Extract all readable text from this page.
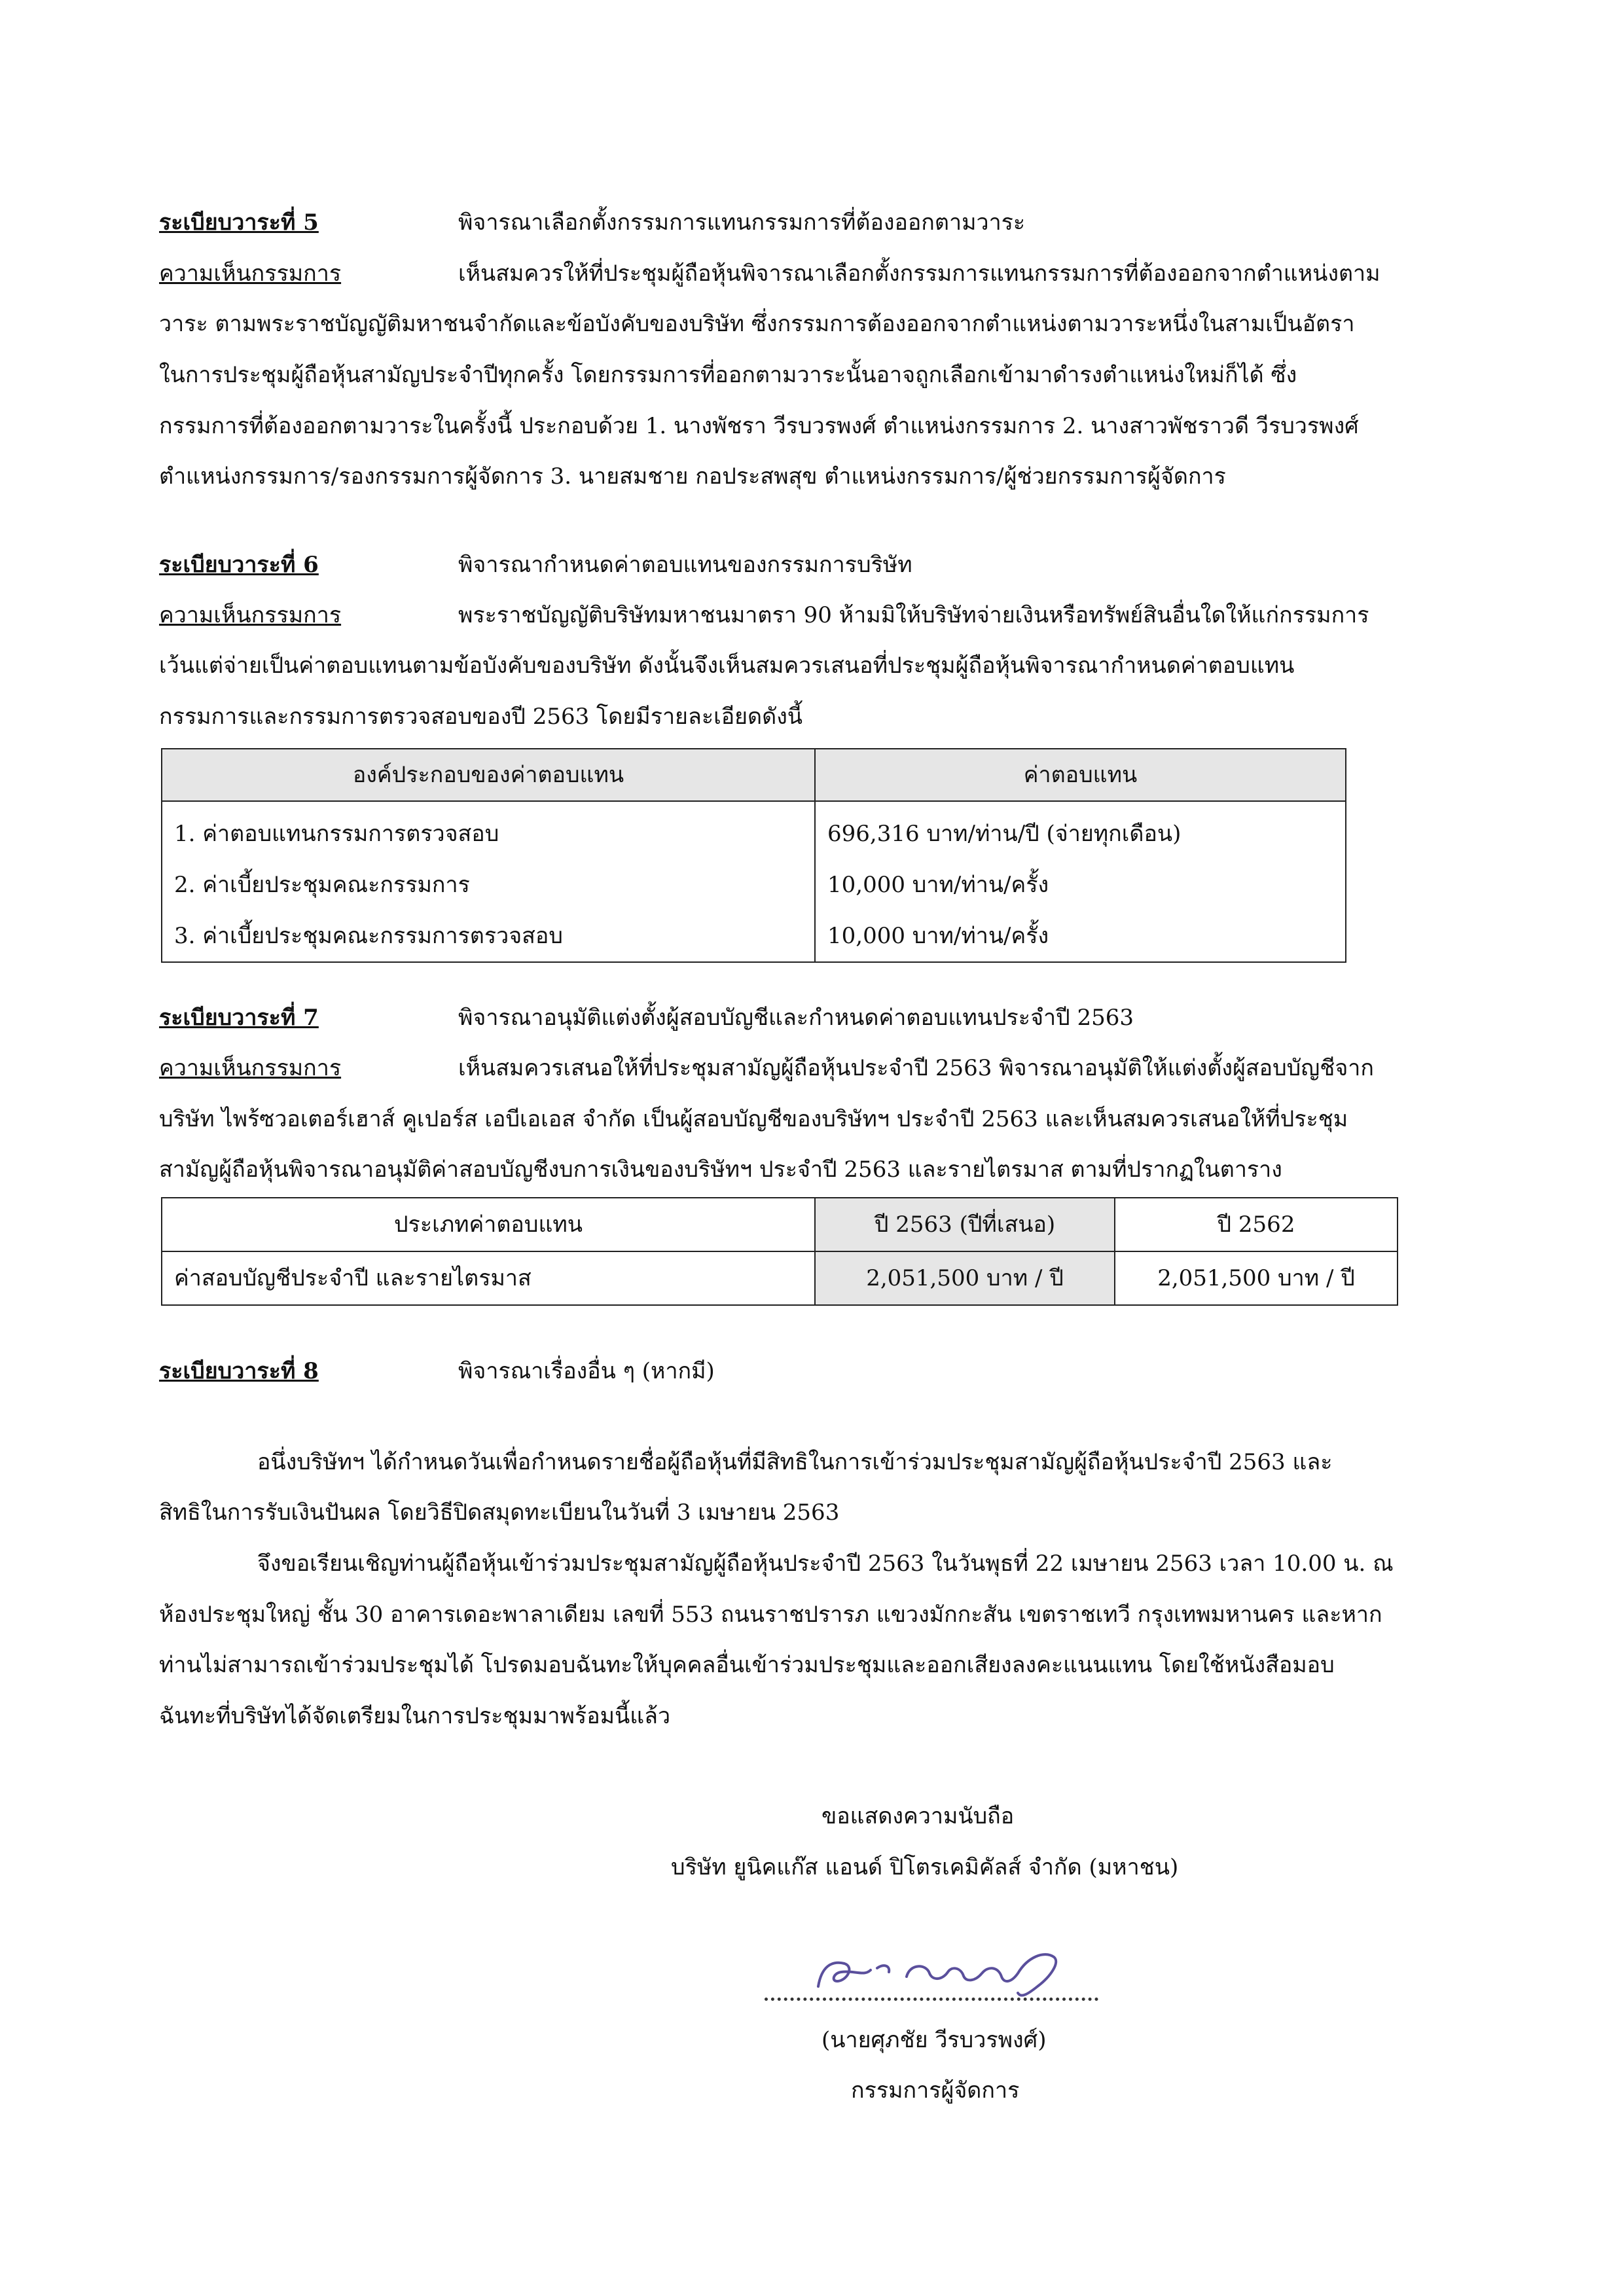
ระเบียบวาระที่ 5	พิจารณาเลือกตั้งกรรมการแทนกรรมการที่ต้องออกตามวาระ
ความเห็นกรรมการ	เห็นสมควรให้ที่ประชุมผู้ถือหุ้นพิจารณาเลือกตั้งกรรมการแทนกรรมการที่ต้องออกจากตำแหน่งตาม
วาระ ตามพระราชบัญญัติมหาชนจำกัดและข้อบังคับของบริษัท ซึ่งกรรมการต้องออกจากตำแหน่งตามวาระหนึ่งในสามเป็นอัตรา
ในการประชุมผู้ถือหุ้นสามัญประจำปีทุกครั้ง โดยกรรมการที่ออกตามวาระนั้นอาจถูกเลือกเข้ามาดำรงตำแหน่งใหม่ก็ได้ ซึ่ง
กรรมการที่ต้องออกตามวาระในครั้งนี้ ประกอบด้วย 1. นางพัชรา วีรบวรพงศ์ ตำแหน่งกรรมการ 2. นางสาวพัชราวดี วีรบวรพงศ์
ตำแหน่งกรรมการ/รองกรรมการผู้จัดการ 3. นายสมชาย กอประสพสุข ตำแหน่งกรรมการ/ผู้ช่วยกรรมการผู้จัดการ
ระเบียบวาระที่ 6	พิจารณากำหนดค่าตอบแทนของกรรมการบริษัท
ความเห็นกรรมการ	พระราชบัญญัติบริษัทมหาชนมาตรา 90 ห้ามมิให้บริษัทจ่ายเงินหรือทรัพย์สินอื่นใดให้แก่กรรมการ
เว้นแต่จ่ายเป็นค่าตอบแทนตามข้อบังคับของบริษัท ดังนั้นจึงเห็นสมควรเสนอที่ประชุมผู้ถือหุ้นพิจารณากำหนดค่าตอบแทน
กรรมการและกรรมการตรวจสอบของปี 2563 โดยมีรายละเอียดดังนี้
องค์ประกอบของค่าตอบแทน	ค่าตอบแทน
1. ค่าตอบแทนกรรมการตรวจสอบ	696,316 บาท/ท่าน/ปี (จ่ายทุกเดือน)
2. ค่าเบี้ยประชุมคณะกรรมการ	10,000 บาท/ท่าน/ครั้ง
3. ค่าเบี้ยประชุมคณะกรรมการตรวจสอบ	10,000 บาท/ท่าน/ครั้ง
ระเบียบวาระที่ 7	พิจารณาอนุมัติแต่งตั้งผู้สอบบัญชีและกำหนดค่าตอบแทนประจำปี 2563
ความเห็นกรรมการ	เห็นสมควรเสนอให้ที่ประชุมสามัญผู้ถือหุ้นประจำปี 2563 พิจารณาอนุมัติให้แต่งตั้งผู้สอบบัญชีจาก
บริษัท ไพร้ซวอเตอร์เฮาส์ คูเปอร์ส เอบีเอเอส จำกัด เป็นผู้สอบบัญชีของบริษัทฯ ประจำปี 2563 และเห็นสมควรเสนอให้ที่ประชุม
สามัญผู้ถือหุ้นพิจารณาอนุมัติค่าสอบบัญชีงบการเงินของบริษัทฯ ประจำปี 2563 และรายไตรมาส ตามที่ปรากฏในตาราง
ประเภทค่าตอบแทน	ปี 2563 (ปีที่เสนอ)	ปี 2562
ค่าสอบบัญชีประจำปี และรายไตรมาส	2,051,500 บาท / ปี	2,051,500 บาท / ปี
ระเบียบวาระที่ 8	พิจารณาเรื่องอื่น ๆ (หากมี)
อนึ่งบริษัทฯ ได้กำหนดวันเพื่อกำหนดรายชื่อผู้ถือหุ้นที่มีสิทธิในการเข้าร่วมประชุมสามัญผู้ถือหุ้นประจำปี 2563 และ
สิทธิในการรับเงินปันผล โดยวิธีปิดสมุดทะเบียนในวันที่ 3 เมษายน 2563
จึงขอเรียนเชิญท่านผู้ถือหุ้นเข้าร่วมประชุมสามัญผู้ถือหุ้นประจำปี 2563 ในวันพุธที่ 22 เมษายน 2563 เวลา 10.00 น. ณ
ห้องประชุมใหญ่ ชั้น 30 อาคารเดอะพาลาเดียม เลขที่ 553 ถนนราชปรารภ แขวงมักกะสัน เขตราชเทวี กรุงเทพมหานคร และหาก
ท่านไม่สามารถเข้าร่วมประชุมได้ โปรดมอบฉันทะให้บุคคลอื่นเข้าร่วมประชุมและออกเสียงลงคะแนนแทน โดยใช้หนังสือมอบ
ฉันทะที่บริษัทได้จัดเตรียมในการประชุมมาพร้อมนี้แล้ว
ขอแสดงความนับถือ
บริษัท ยูนิคแก๊ส แอนด์ ปิโตรเคมิคัลส์ จำกัด (มหาชน)
(นายศุภชัย วีรบวรพงศ์)
กรรมการผู้จัดการ
